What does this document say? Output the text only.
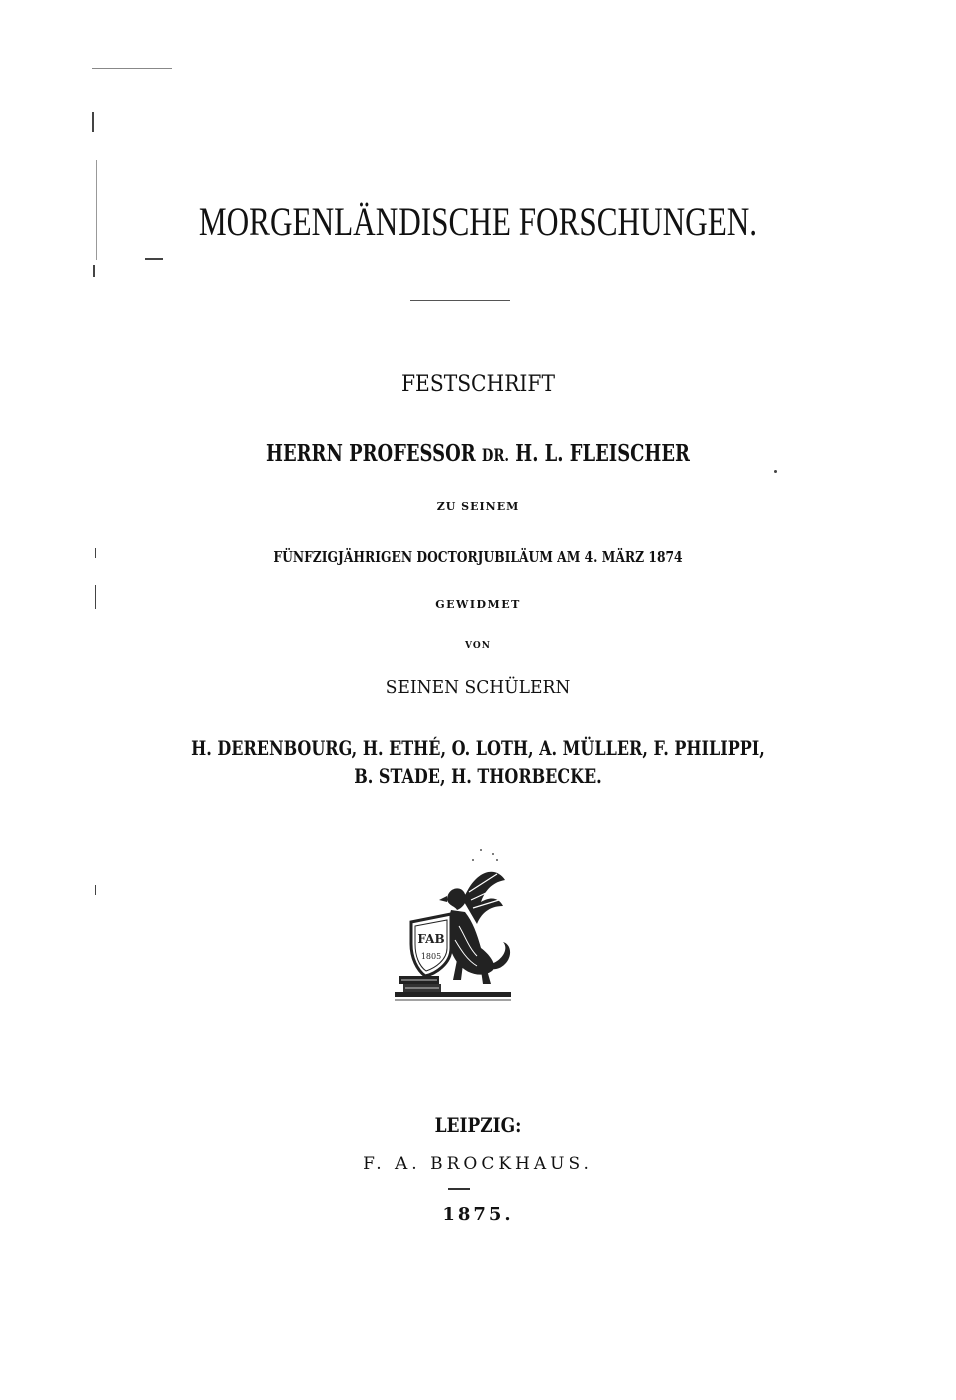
MORGENLÄNDISCHE FORSCHUNGEN.
FESTSCHRIFT
HERRN PROFESSOR DR. H. L. FLEISCHER
ZU SEINEM
FÜNFZIGJÄHRIGEN DOCTORJUBILÄUM AM 4. MÄRZ 1874
GEWIDMET
VON
SEINEN SCHÜLERN
H. DERENBOURG, H. ETHÉ, O. LOTH, A. MÜLLER, F. PHILIPPI,
B. STADE, H. THORBECKE.
FAB
1805
LEIPZIG:
F. A. BROCKHAUS.
1875.
